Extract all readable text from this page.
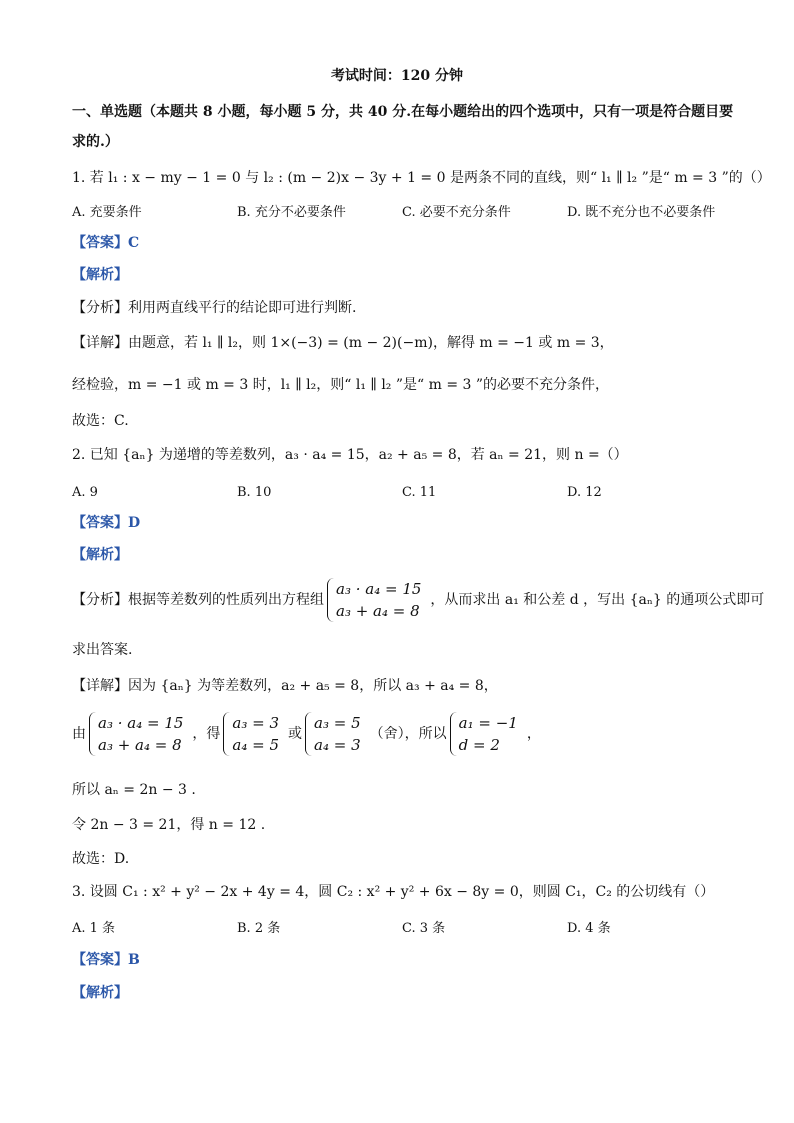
考试时间：120 分钟
一、单选题（本题共 8 小题，每小题 5 分，共 40 分.在每小题给出的四个选项中，只有一项是符合题目要
求的.）
1. 若 l₁ : x − my − 1 = 0 与 l₂ : (m − 2)x − 3y + 1 = 0 是两条不同的直线，则“ l₁ ∥ l₂ ”是“ m = 3 ”的（）
A. 充要条件	B. 充分不必要条件	C. 必要不充分条件	D. 既不充分也不必要条件
【答案】C
【解析】
【分析】利用两直线平行的结论即可进行判断.
【详解】由题意，若 l₁ ∥ l₂，则 1×(−3) = (m − 2)(−m)，解得 m = −1 或 m = 3，
经检验，m = −1 或 m = 3 时，l₁ ∥ l₂，则“ l₁ ∥ l₂ ”是“ m = 3 ”的必要不充分条件，
故选：C.
2. 已知 {aₙ} 为递增的等差数列，a₃ · a₄ = 15，a₂ + a₅ = 8，若 aₙ = 21，则 n =（）
A. 9	B. 10	C. 11	D. 12
【答案】D
【解析】
【分析】根据等差数列的性质列出方程组a₃ · a₄ = 15
a₃ + a₄ = 8，从而求出 a₁ 和公差 d ，写出 {aₙ} 的通项公式即可
求出答案.
【详解】因为 {aₙ} 为等差数列，a₂ + a₅ = 8，所以 a₃ + a₄ = 8，
由a₃ · a₄ = 15
a₃ + a₄ = 8，得a₃ = 3
a₄ = 5或a₃ = 5
a₄ = 3（舍），所以a₁ = −1
d = 2，
所以 aₙ = 2n − 3 .
令 2n − 3 = 21，得 n = 12 .
故选：D.
3. 设圆 C₁ : x² + y² − 2x + 4y = 4，圆 C₂ : x² + y² + 6x − 8y = 0，则圆 C₁，C₂ 的公切线有（）
A. 1 条	B. 2 条	C. 3 条	D. 4 条
【答案】B
【解析】
